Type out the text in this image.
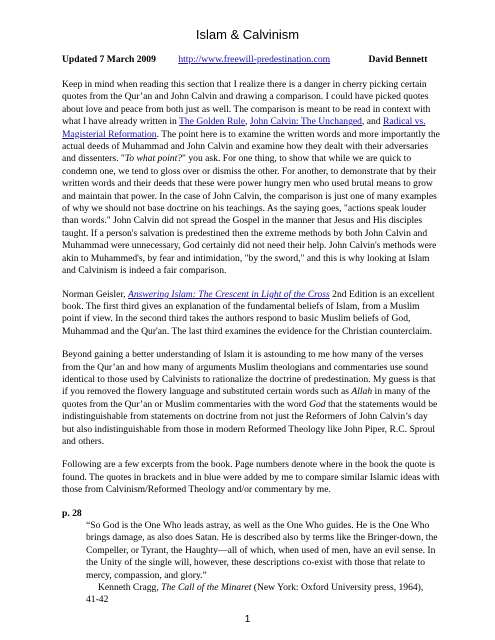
Islam & Calvinism
Updated 7 March 2009 http://www.freewill-predestination.com	David Bennett

Keep in mind when reading this section that I realize there is a danger in cherry picking certain quotes from the Qur’an and John Calvin and drawing a comparison. I could have picked quotes about love and peace from both just as well. The comparison is meant to be read in context with what I have already written in The Golden Rule, John Calvin: The Unchanged, and Radical vs. Magisterial Reformation. The point here is to examine the written words and more importantly the actual deeds of Muhammad and John Calvin and examine how they dealt with their adversaries and dissenters. "To what point?" you ask. For one thing, to show that while we are quick to condemn one, we tend to gloss over or dismiss the other. For another, to demonstrate that by their written words and their deeds that these were power hungry men who used brutal means to grow and maintain that power. In the case of John Calvin, the comparison is just one of many examples of why we should not base doctrine on his teachings. As the saying goes, "actions speak louder than words." John Calvin did not spread the Gospel in the manner that Jesus and His disciples taught. If a person's salvation is predestined then the extreme methods by both John Calvin and Muhammad were unnecessary, God certainly did not need their help. John Calvin's methods were akin to Muhammed's, by fear and intimidation, "by the sword," and this is why looking at Islam and Calvinism is indeed a fair comparison.

Norman Geisler, Answering Islam: The Crescent in Light of the Cross 2nd Edition is an excellent book. The first third gives an explanation of the fundamental beliefs of Islam, from a Muslim point if view. In the second third takes the authors respond to basic Muslim beliefs of God, Muhammad and the Qur'an. The last third examines the evidence for the Christian counterclaim.

Beyond gaining a better understanding of Islam it is astounding to me how many of the verses from the Qur’an and how many of arguments Muslim theologians and commentaries use sound identical to those used by Calvinists to rationalize the doctrine of predestination. My guess is that if you removed the flowery language and substituted certain words such as Allah in many of the quotes from the Qur’an or Muslim commentaries with the word God that the statements would be indistinguishable from statements on doctrine from not just the Reformers of John Calvin’s day but also indistinguishable from those in modern Reformed Theology like John Piper, R.C. Sproul and others.

Following are a few excerpts from the book. Page numbers denote where in the book the quote is found. The quotes in brackets and in blue were added by me to compare similar Islamic ideas with those from Calvinism/Reformed Theology and/or commentary by me.

p. 28

“So God is the One Who leads astray, as well as the One Who guides. He is the One Who brings damage, as also does Satan. He is described also by terms like the Bringer-down, the Compeller, or Tyrant, the Haughty—all of which, when used of men, have an evil sense. In the Unity of the single will, however, these descriptions co-exist with those that relate to mercy, compassion, and glory.”

Kenneth Cragg, The Call of the Minaret (New York: Oxford University press, 1964),
41-42

1
